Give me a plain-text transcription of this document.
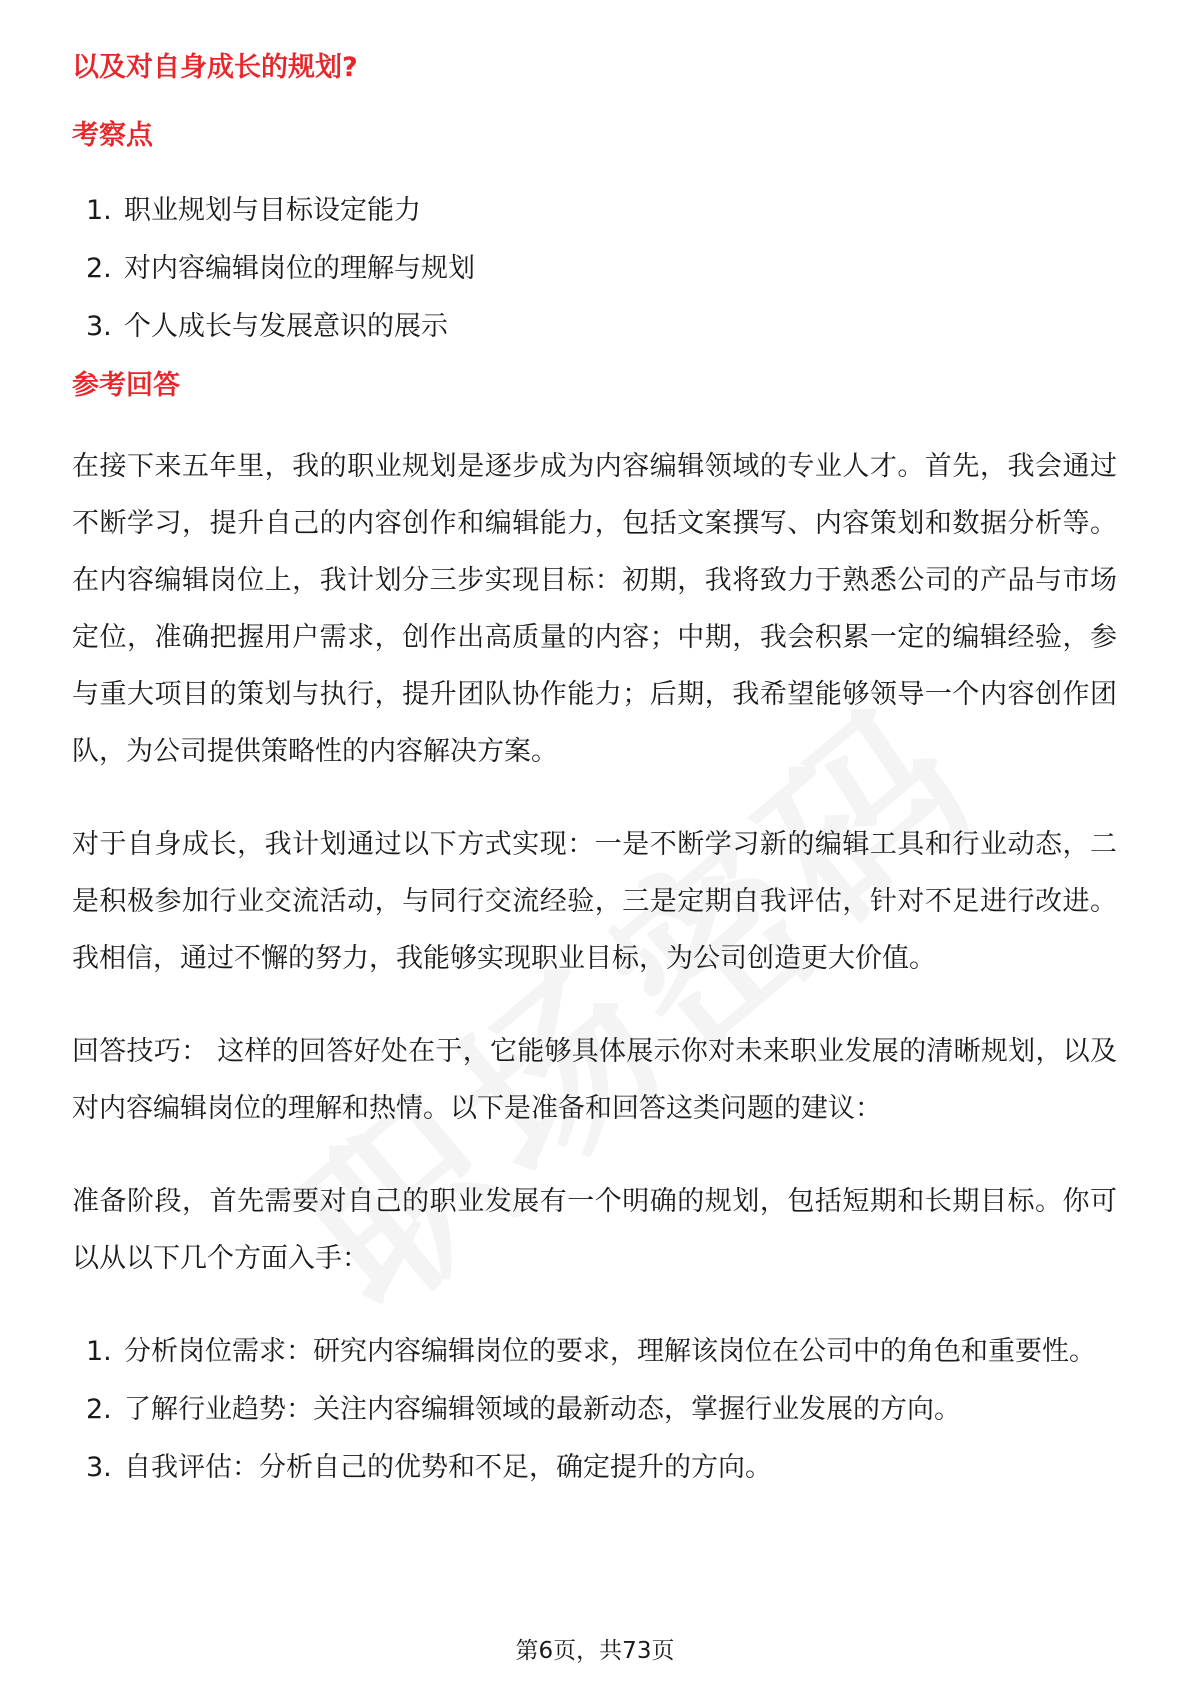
以及对自身成长的规划?
考察点
1. 职业规划与目标设定能力
2. 对内容编辑岗位的理解与规划
3. 个人成长与发展意识的展示
参考回答

在接下来五年里，我的职业规划是逐步成为内容编辑领域的专业人才。首先，我会通过不断学习，提升自己的内容创作和编辑能力，包括文案撰写、内容策划和数据分析等。在内容编辑岗位上，我计划分三步实现目标：初期，我将致力于熟悉公司的产品与市场定位，准确把握用户需求，创作出高质量的内容；中期，我会积累一定的编辑经验，参与重大项目的策划与执行，提升团队协作能力；后期，我希望能够领导一个内容创作团队，为公司提供策略性的内容解决方案。

对于自身成长，我计划通过以下方式实现：一是不断学习新的编辑工具和行业动态，二是积极参加行业交流活动，与同行交流经验，三是定期自我评估，针对不足进行改进。我相信，通过不懈的努力，我能够实现职业目标，为公司创造更大价值。

回答技巧： 这样的回答好处在于，它能够具体展示你对未来职业发展的清晰规划，以及对内容编辑岗位的理解和热情。以下是准备和回答这类问题的建议：

准备阶段，首先需要对自己的职业发展有一个明确的规划，包括短期和长期目标。你可以从以下几个方面入手：

1. 分析岗位需求：研究内容编辑岗位的要求，理解该岗位在公司中的角色和重要性。
2. 了解行业趋势：关注内容编辑领域的最新动态，掌握行业发展的方向。
3. 自我评估：分析自己的优势和不足，确定提升的方向。
第6页，共73页
